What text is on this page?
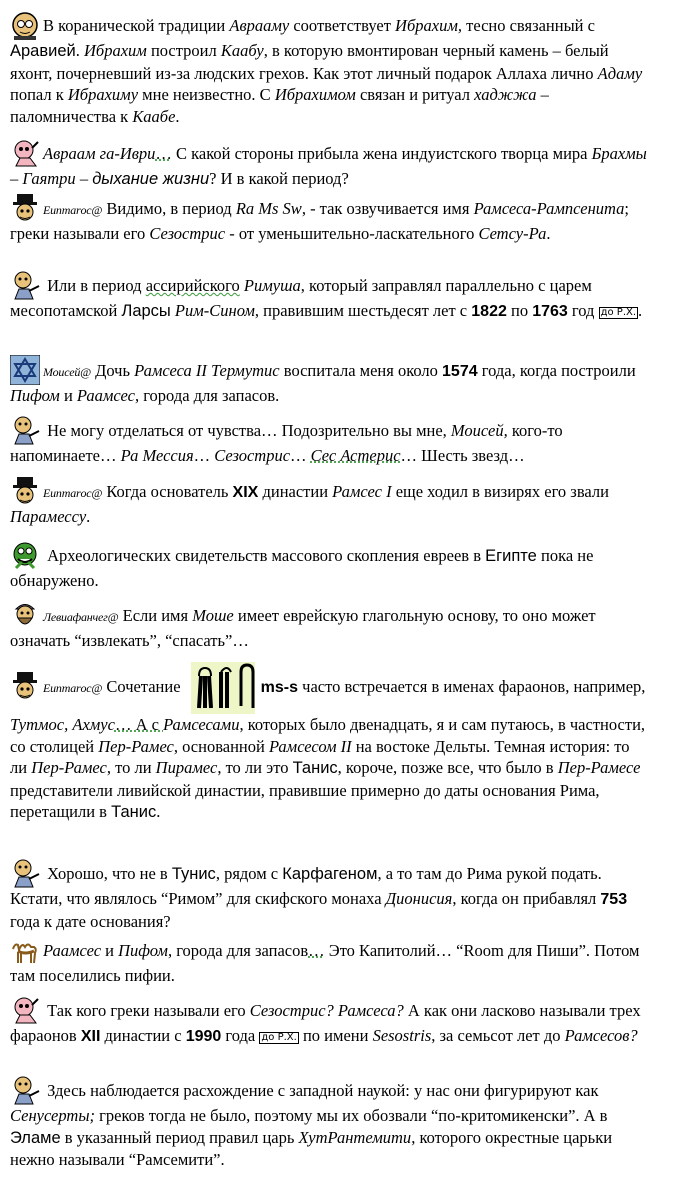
В коранической традиции Аврааму соответствует Ибрахим, тесно связанный с Аравией. Ибрахим построил Каабу, в которую вмонтирован черный камень – белый яхонт, почерневший из-за людских грехов. Как этот личный подарок Аллаха лично Адаму попал к Ибрахиму мне неизвестно. С Ибрахимом связан и ритуал хаджжа – паломничества к Каабе.
Авраам га-Иври… С какой стороны прибыла жена индуистского творца мира Брахмы – Гаятри – дыхание жизни? И в какой период?
Еuпmarос@ Видимо, в период Ra Ms Sw, - так озвучивается имя Рамсеса-Рампсенита; греки называли его Сезострис - от уменьшительно-ласкательного Сетсу-Ра.
Или в период ассирийского Римуша, который заправлял параллельно с царем месопотамской Ларсы Рим-Сином, правившим шестьдесят лет с 1822 по 1763 год до Р.Х. .
Моисей@ Дочь Рамсеса II Термутис воспитала меня около 1574 года, когда построили Пифом и Раамсес, города для запасов.
Не могу отделаться от чувства… Подозрительно вы мне, Моисей, кого-то напоминаете… Ра Мессия… Сезострис… Сес Астерис… Шесть звезд…
Еuпmarос@ Когда основатель XIX династии Рамсес I еще ходил в визирях его звали Парамессу.
Археологических свидетельств массового скопления евреев в Египте пока не обнаружено.
Левиафанчег@ Если имя Моше имеет еврейскую глагольную основу, то оно может означать “извлекать”, “спасать”…
Еuпmarос@ Сочетание	ms-s часто встречается в именах фараонов, например, Тутмос, Ахмус… А с Рамсесами, которых было двенадцать, я и сам путаюсь, в частности, со столицей Пер-Рамес, основанной Рамсесом II на востоке Дельты. Темная история: то ли Пер-Рамес, то ли Пирамес, то ли это Танис, короче, позже все, что было в Пер-Рамесе представители ливийской династии, правившие примерно до даты основания Рима, перетащили в Танис.
Хорошо, что не в Тунис, рядом с Карфагеном, а то там до Рима рукой подать. Кстати, что являлось “Римом” для скифского монаха Дионисия, когда он прибавлял 753 года к дате основания?
Раамсес и Пифом, города для запасов… Это Капитолий… “Room для Пиши”. Потом там поселились пифии.
Так кого греки называли его Сезострис? Рамсеса? А как они ласково называли трех фараонов XII династии с 1990 года до Р.Х. по имени Sesostris, за семьсот лет до Рамсесов?
Здесь наблюдается расхождение с западной наукой: у нас они фигурируют как Сенусерты; греков тогда не было, поэтому мы их обозвали “по-критомикенски”. А в Эламе в указанный период правил царь ХутРантемити, которого окрестные царьки нежно называли “Рамсемити”.
